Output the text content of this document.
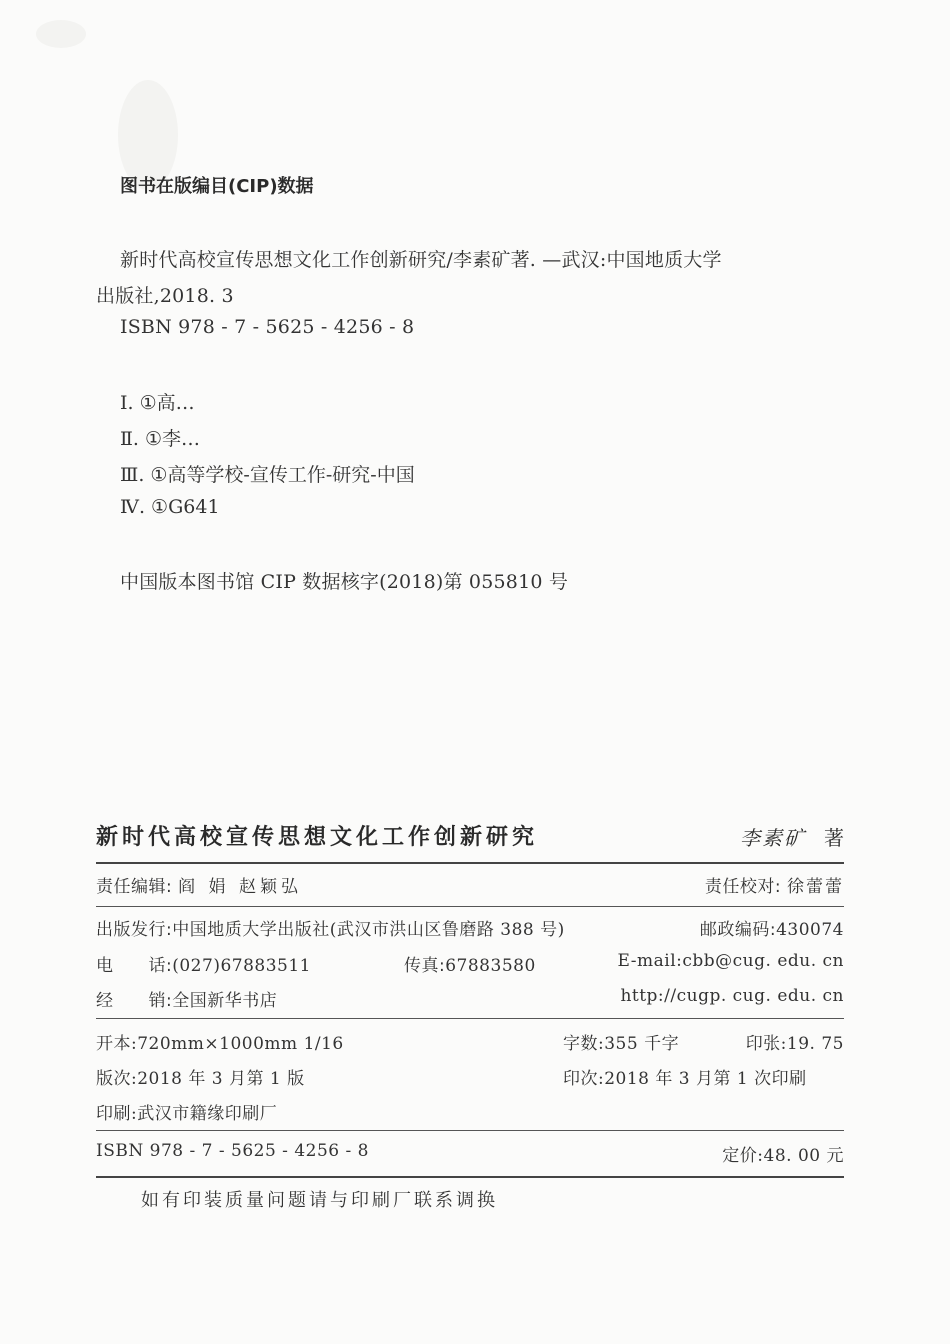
图书在版编目(CIP)数据
新时代高校宣传思想文化工作创新研究/李素矿著. —武汉:中国地质大学
出版社,2018. 3
ISBN 978 - 7 - 5625 - 4256 - 8
Ⅰ. ①高…
Ⅱ. ①李…
Ⅲ. ①高等学校-宣传工作-研究-中国
Ⅳ. ①G641
中国版本图书馆 CIP 数据核字(2018)第 055810 号
新时代高校宣传思想文化工作创新研究	李素矿 著
责任编辑: 阎 娟 赵颖弘	责任校对: 徐蕾蕾
出版发行:中国地质大学出版社(武汉市洪山区鲁磨路 388 号)	邮政编码:430074
电　　话:(027)67883511	传真:67883580	E-mail:cbb@cug. edu. cn
经　　销:全国新华书店	http://cugp. cug. edu. cn
开本:720mm×1000mm 1/16	字数:355 千字	印张:19. 75
版次:2018 年 3 月第 1 版	印次:2018 年 3 月第 1 次印刷
印刷:武汉市籍缘印刷厂
ISBN 978 - 7 - 5625 - 4256 - 8	定价:48. 00 元
如有印装质量问题请与印刷厂联系调换
